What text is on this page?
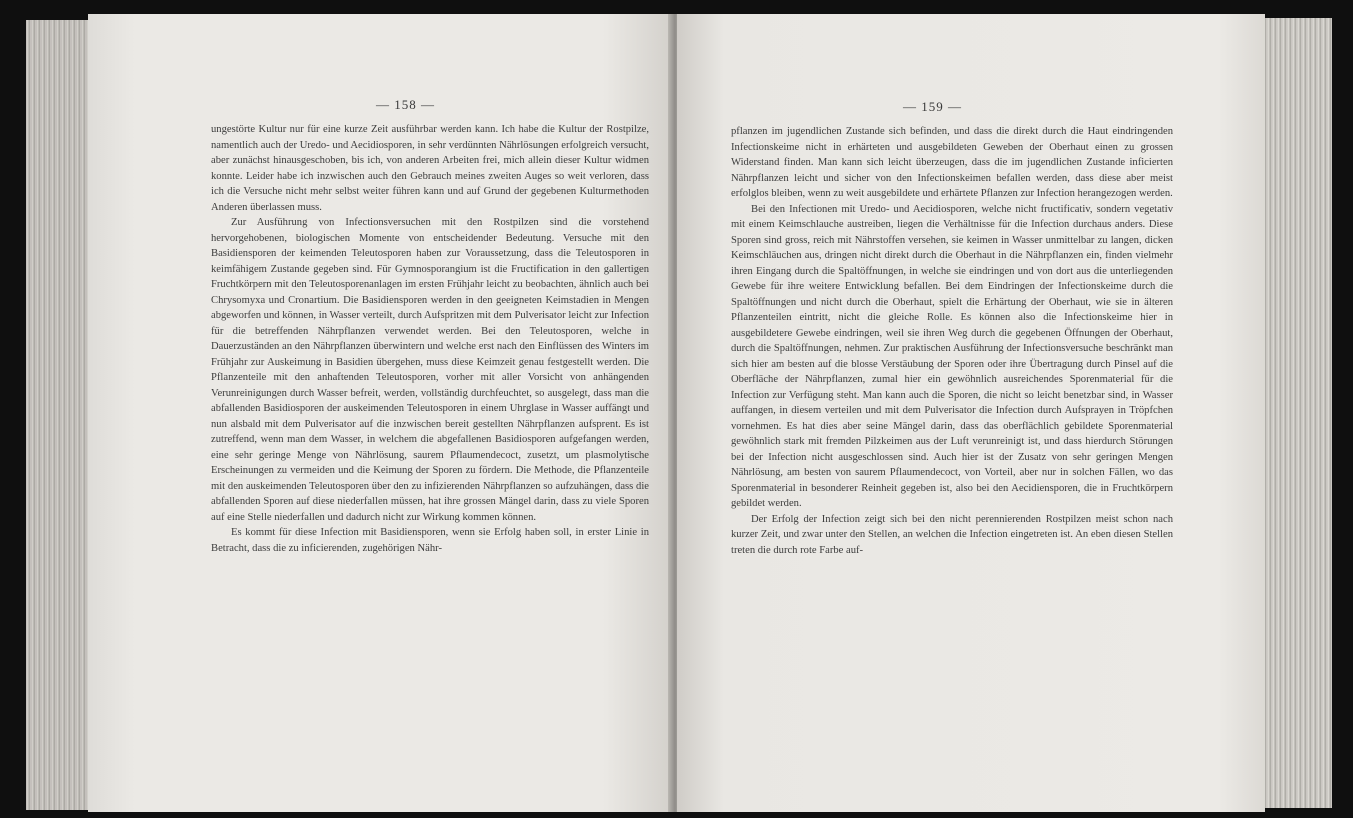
— 158 —

ungestörte Kultur nur für eine kurze Zeit ausführbar werden kann. Ich habe die Kultur der Rostpilze, namentlich auch der Uredo- und Aecidiosporen, in sehr verdünnten Nährlösungen erfolgreich versucht, aber zunächst hinausgeschoben, bis ich, von anderen Arbeiten frei, mich allein dieser Kultur widmen konnte. Leider habe ich inzwischen auch den Gebrauch meines zweiten Auges so weit verloren, dass ich die Versuche nicht mehr selbst weiter führen kann und auf Grund der gegebenen Kulturmethoden Anderen überlassen muss.

Zur Ausführung von Infectionsversuchen mit den Rostpilzen sind die vorstehend hervorgehobenen, biologischen Momente von entscheidender Bedeutung. Versuche mit den Basidiensporen der keimenden Teleutosporen haben zur Voraussetzung, dass die Teleutosporen in keimfähigem Zustande gegeben sind. Für Gymnosporangium ist die Fructification in den gallertigen Fruchtkörpern mit den Teleutosporenanlagen im ersten Frühjahr leicht zu beobachten, ähnlich auch bei Chrysomyxa und Cronartium. Die Basidiensporen werden in den geeigneten Keimstadien in Mengen abgeworfen und können, in Wasser verteilt, durch Aufspritzen mit dem Pulverisator leicht zur Infection für die betreffenden Nährpflanzen verwendet werden. Bei den Teleutosporen, welche in Dauerzuständen an den Nährpflanzen überwintern und welche erst nach den Einflüssen des Winters im Frühjahr zur Auskeimung in Basidien übergehen, muss diese Keimzeit genau festgestellt werden. Die Pflanzenteile mit den anhaftenden Teleutosporen, vorher mit aller Vorsicht von anhängenden Verunreinigungen durch Wasser befreit, werden, vollständig durchfeuchtet, so ausgelegt, dass man die abfallenden Basidiosporen der auskeimenden Teleutosporen in einem Uhrglase in Wasser auffängt und nun alsbald mit dem Pulverisator auf die inzwischen bereit gestellten Nährpflanzen aufsprent. Es ist zutreffend, wenn man dem Wasser, in welchem die abgefallenen Basidiosporen aufgefangen werden, eine sehr geringe Menge von Nährlösung, saurem Pflaumendecoct, zusetzt, um plasmolytische Erscheinungen zu vermeiden und die Keimung der Sporen zu fördern. Die Methode, die Pflanzenteile mit den auskeimenden Teleutosporen über den zu infizierenden Nährpflanzen so aufzuhängen, dass die abfallenden Sporen auf diese niederfallen müssen, hat ihre grossen Mängel darin, dass zu viele Sporen auf eine Stelle niederfallen und dadurch nicht zur Wirkung kommen können.

Es kommt für diese Infection mit Basidiensporen, wenn sie Erfolg haben soll, in erster Linie in Betracht, dass die zu inficierenden, zugehörigen Nähr-

— 159 —

pflanzen im jugendlichen Zustande sich befinden, und dass die direkt durch die Haut eindringenden Infectionskeime nicht in erhärteten und ausgebildeten Geweben der Oberhaut einen zu grossen Widerstand finden. Man kann sich leicht überzeugen, dass die im jugendlichen Zustande inficierten Nährpflanzen leicht und sicher von den Infectionskeimen befallen werden, dass diese aber meist erfolglos bleiben, wenn zu weit ausgebildete und erhärtete Pflanzen zur Infection herangezogen werden.

Bei den Infectionen mit Uredo- und Aecidiosporen, welche nicht fructificativ, sondern vegetativ mit einem Keimschlauche austreiben, liegen die Verhältnisse für die Infection durchaus anders. Diese Sporen sind gross, reich mit Nährstoffen versehen, sie keimen in Wasser unmittelbar zu langen, dicken Keimschläuchen aus, dringen nicht direkt durch die Oberhaut in die Nährpflanzen ein, finden vielmehr ihren Eingang durch die Spaltöffnungen, in welche sie eindringen und von dort aus die unterliegenden Gewebe für ihre weitere Entwicklung befallen. Bei dem Eindringen der Infectionskeime durch die Spaltöffnungen und nicht durch die Oberhaut, spielt die Erhärtung der Oberhaut, wie sie in älteren Pflanzenteilen eintritt, nicht die gleiche Rolle. Es können also die Infectionskeime hier in ausgebildetere Gewebe eindringen, weil sie ihren Weg durch die gegebenen Öffnungen der Oberhaut, durch die Spaltöffnungen, nehmen. Zur praktischen Ausführung der Infectionsversuche beschränkt man sich hier am besten auf die blosse Verstäubung der Sporen oder ihre Übertragung durch Pinsel auf die Oberfläche der Nährpflanzen, zumal hier ein gewöhnlich ausreichendes Sporenmaterial für die Infection zur Verfügung steht. Man kann auch die Sporen, die nicht so leicht benetzbar sind, in Wasser auffangen, in diesem verteilen und mit dem Pulverisator die Infection durch Aufsprayen in Tröpfchen vornehmen. Es hat dies aber seine Mängel darin, dass das oberflächlich gebildete Sporenmaterial gewöhnlich stark mit fremden Pilzkeimen aus der Luft verunreinigt ist, und dass hierdurch Störungen bei der Infection nicht ausgeschlossen sind. Auch hier ist der Zusatz von sehr geringen Mengen Nährlösung, am besten von saurem Pflaumendecoct, von Vorteil, aber nur in solchen Fällen, wo das Sporenmaterial in besonderer Reinheit gegeben ist, also bei den Aecidiensporen, die in Fruchtkörpern gebildet werden.

Der Erfolg der Infection zeigt sich bei den nicht perennierenden Rostpilzen meist schon nach kurzer Zeit, und zwar unter den Stellen, an welchen die Infection eingetreten ist. An eben diesen Stellen treten die durch rote Farbe auf-
